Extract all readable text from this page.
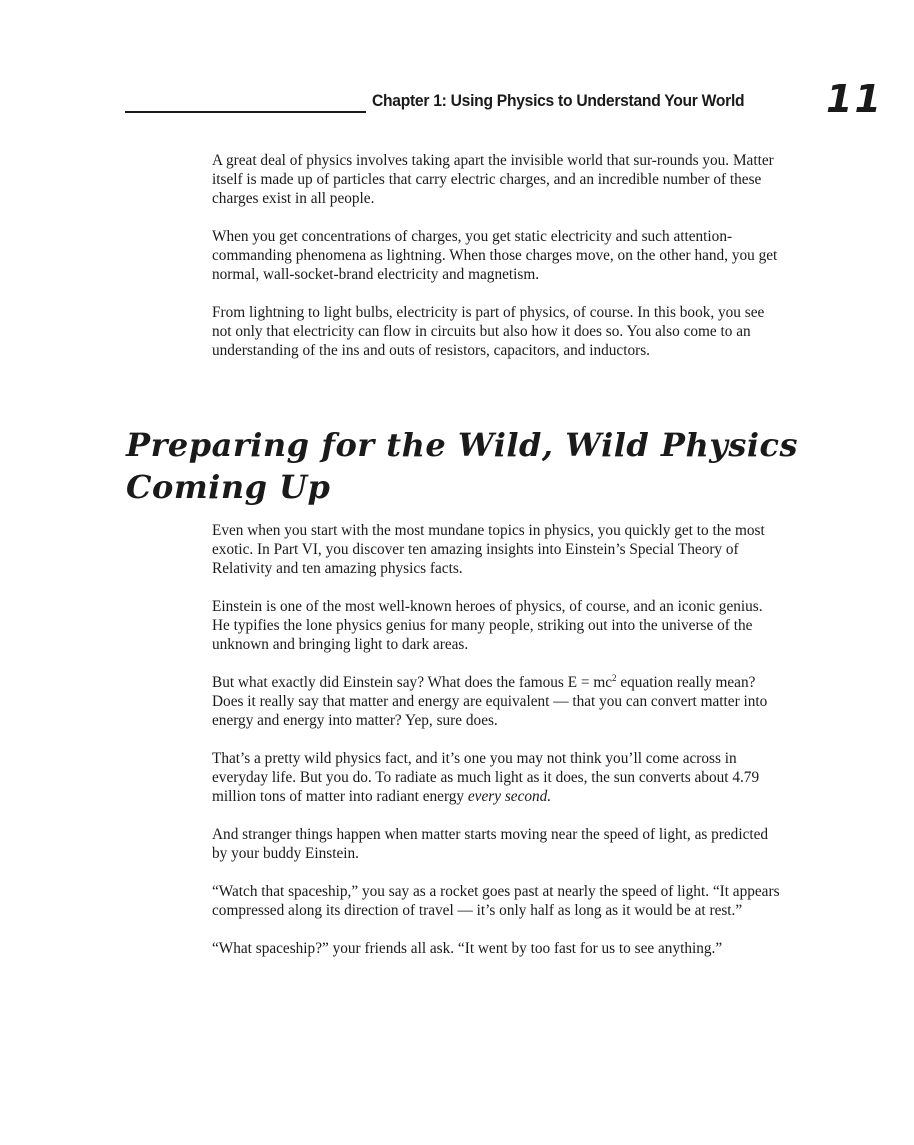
Chapter 1: Using Physics to Understand Your World 11

A great deal of physics involves taking apart the invisible world that sur-rounds you. Matter itself is made up of particles that carry electric charges, and an incredible number of these charges exist in all people.

When you get concentrations of charges, you get static electricity and such attention-commanding phenomena as lightning. When those charges move, on the other hand, you get normal, wall-socket-brand electricity and magnetism.

From lightning to light bulbs, electricity is part of physics, of course. In this book, you see not only that electricity can flow in circuits but also how it does so. You also come to an understanding of the ins and outs of resistors, capacitors, and inductors.

Preparing for the Wild, Wild Physics Coming Up

Even when you start with the most mundane topics in physics, you quickly get to the most exotic. In Part VI, you discover ten amazing insights into Einstein’s Special Theory of Relativity and ten amazing physics facts.

Einstein is one of the most well-known heroes of physics, of course, and an iconic genius. He typifies the lone physics genius for many people, striking out into the universe of the unknown and bringing light to dark areas.

But what exactly did Einstein say? What does the famous $E = mc^2$ equation really mean? Does it really say that matter and energy are equivalent — that you can convert matter into energy and energy into matter? Yep, sure does.

That’s a pretty wild physics fact, and it’s one you may not think you’ll come across in everyday life. But you do. To radiate as much light as it does, the sun converts about 4.79 million tons of matter into radiant energy every second.

And stranger things happen when matter starts moving near the speed of light, as predicted by your buddy Einstein.

“Watch that spaceship,” you say as a rocket goes past at nearly the speed of light. “It appears compressed along its direction of travel — it’s only half as long as it would be at rest.”

“What spaceship?” your friends all ask. “It went by too fast for us to see anything.”
